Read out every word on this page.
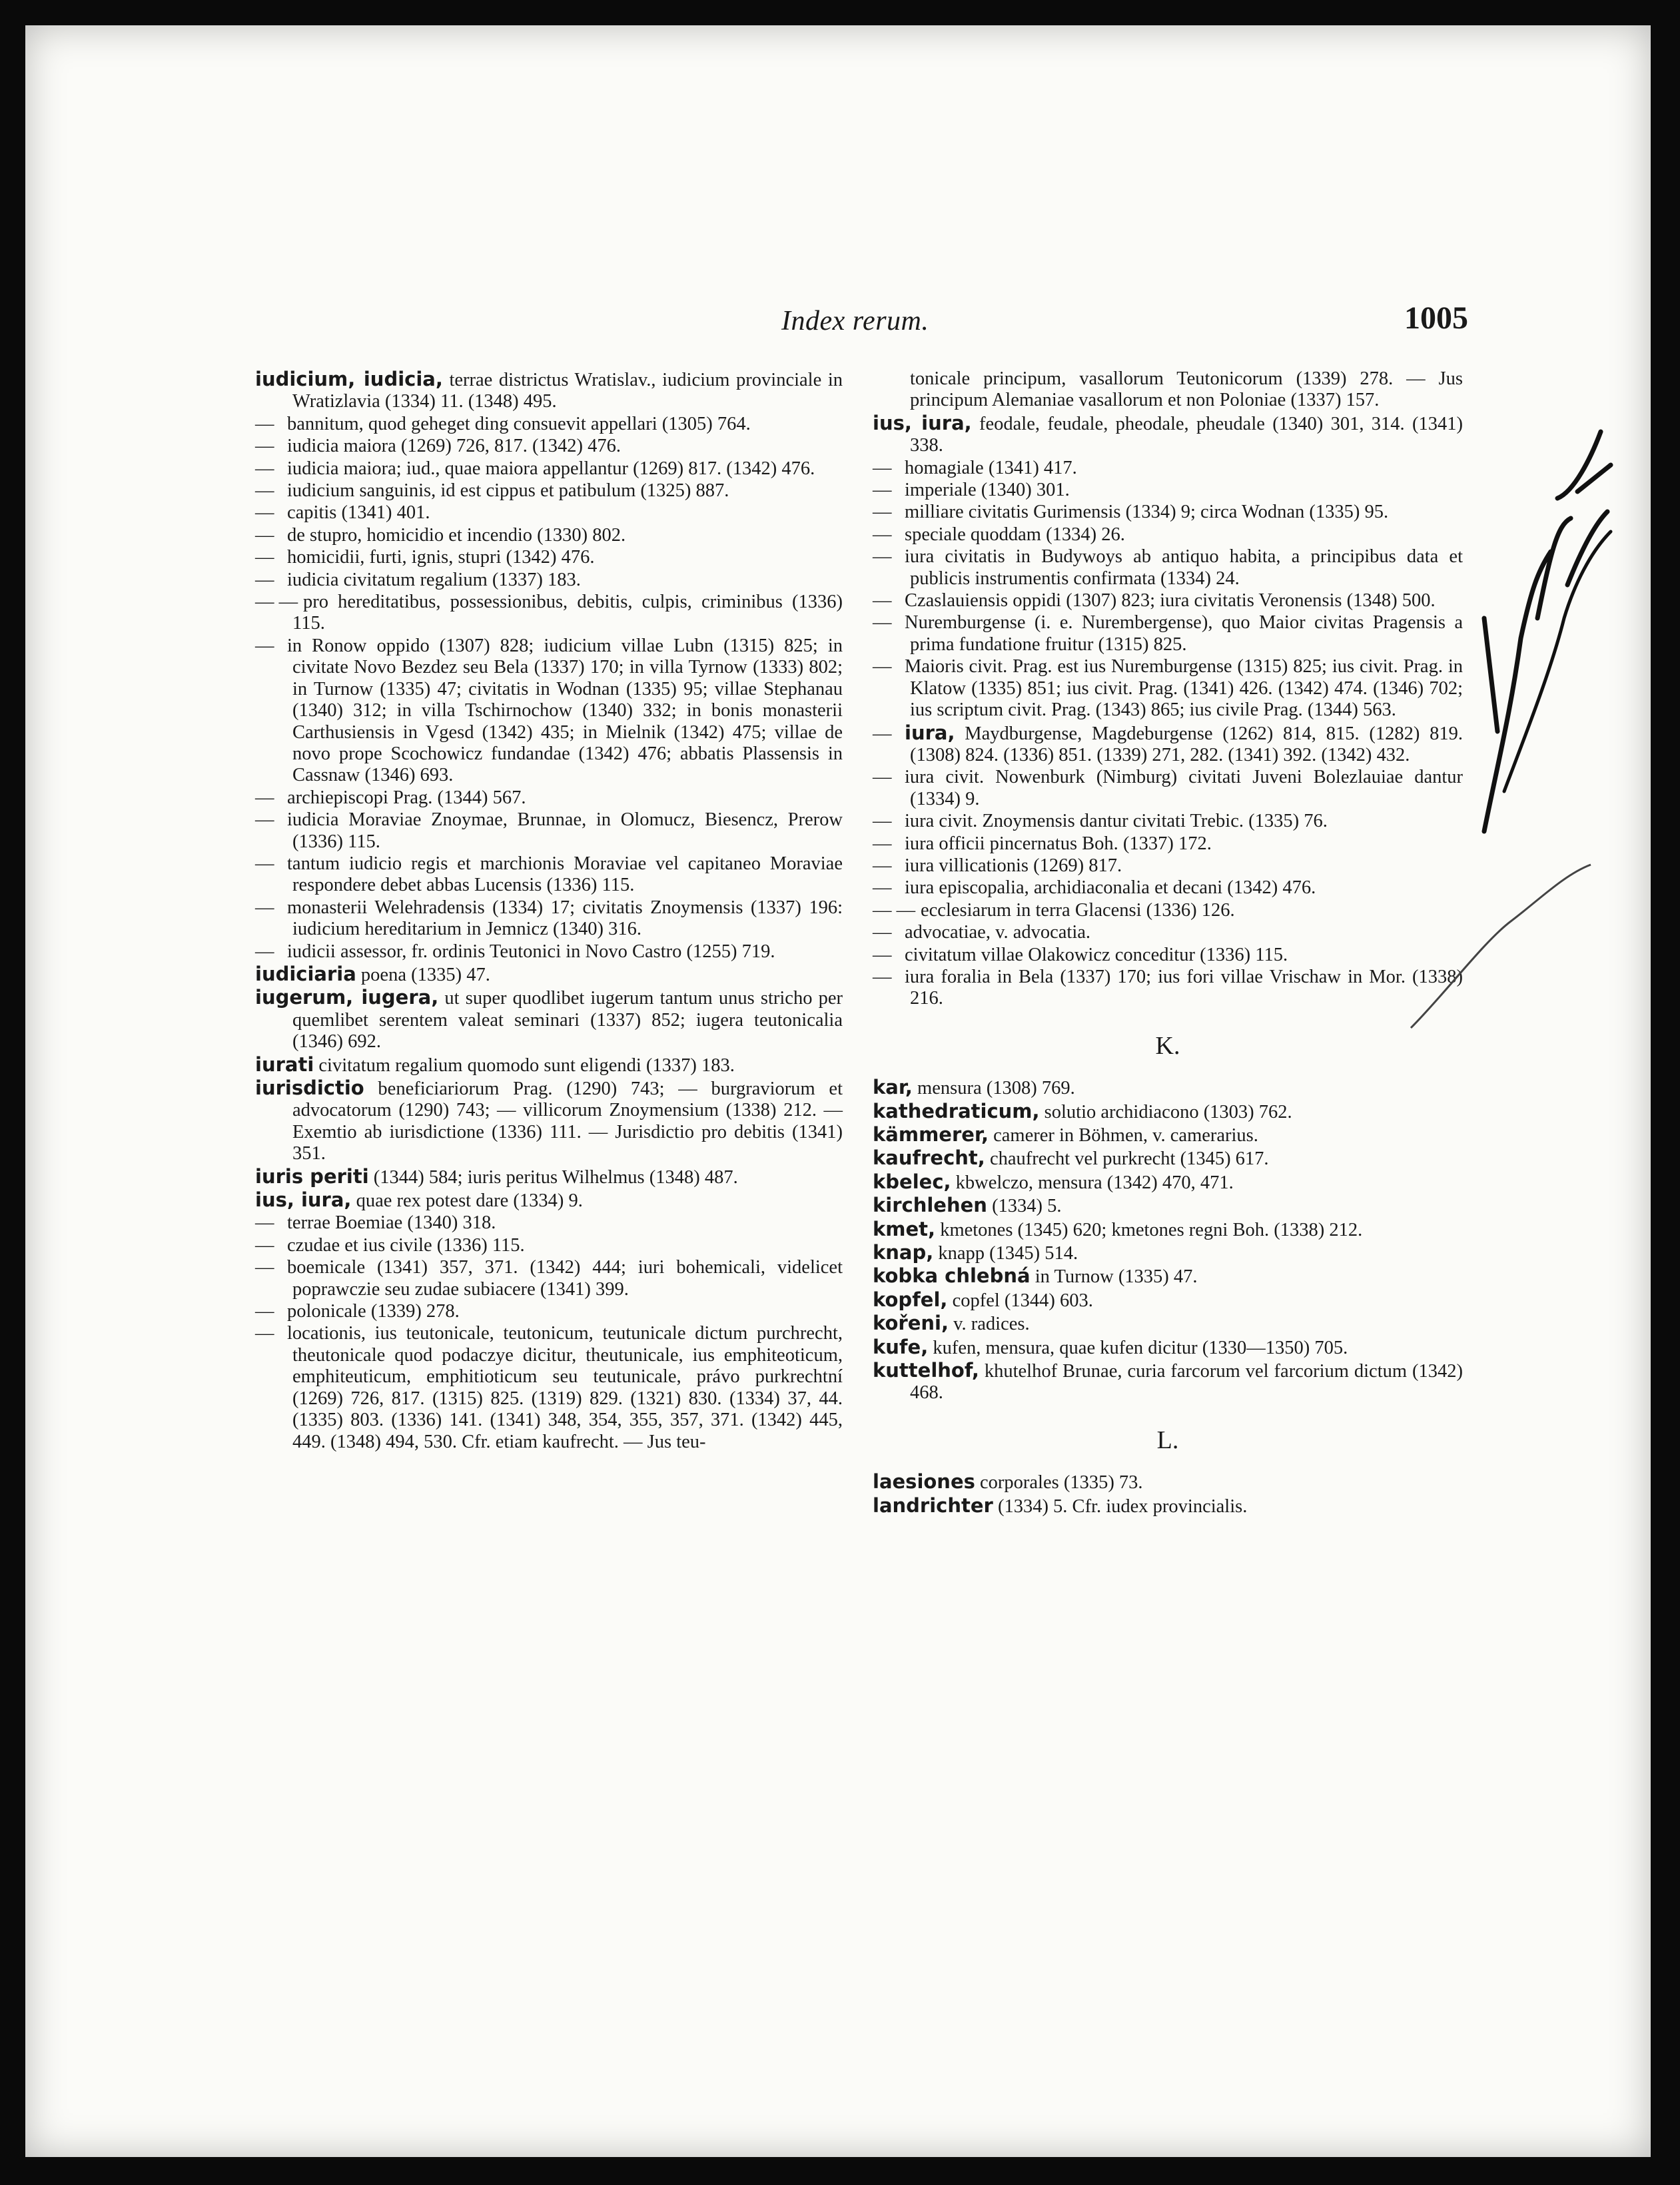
Index rerum.	1005
iudicium, iudicia, terrae districtus Wratislav., iudicium provinciale in Wratizlavia (1334) 11. (1348) 495.
— bannitum, quod geheget ding consuevit appellari (1305) 764.
— iudicia maiora (1269) 726, 817. (1342) 476.
— iudicia maiora; iud., quae maiora appellantur (1269) 817. (1342) 476.
— iudicium sanguinis, id est cippus et patibulum (1325) 887.
— capitis (1341) 401.
— de stupro, homicidio et incendio (1330) 802.
— homicidii, furti, ignis, stupri (1342) 476.
— iudicia civitatum regalium (1337) 183.
— — pro hereditatibus, possessionibus, debitis, culpis, criminibus (1336) 115.
— in Ronow oppido (1307) 828; iudicium villae Lubn (1315) 825; in civitate Novo Bezdez seu Bela (1337) 170; in villa Tyrnow (1333) 802; in Turnow (1335) 47; civitatis in Wodnan (1335) 95; villae Stephanau (1340) 312; in villa Tschirnochow (1340) 332; in bonis monasterii Carthusiensis in Vgesd (1342) 435; in Mielnik (1342) 475; villae de novo prope Scochowicz fundandae (1342) 476; abbatis Plassensis in Cassnaw (1346) 693.
— archiepiscopi Prag. (1344) 567.
— iudicia Moraviae Znoymae, Brunnae, in Olomucz, Biesencz, Prerow (1336) 115.
— tantum iudicio regis et marchionis Moraviae vel capitaneo Moraviae respondere debet abbas Lucensis (1336) 115.
— monasterii Welehradensis (1334) 17; civitatis Znoymensis (1337) 196: iudicium hereditarium in Jemnicz (1340) 316.
— iudicii assessor, fr. ordinis Teutonici in Novo Castro (1255) 719.
iudiciaria poena (1335) 47.
iugerum, iugera, ut super quodlibet iugerum tantum unus stricho per quemlibet serentem valeat seminari (1337) 852; iugera teutonicalia (1346) 692.
iurati civitatum regalium quomodo sunt eligendi (1337) 183.
iurisdictio beneficiariorum Prag. (1290) 743; — burgraviorum et advocatorum (1290) 743; — villicorum Znoymensium (1338) 212. — Exemtio ab iurisdictione (1336) 111. — Jurisdictio pro debitis (1341) 351.
iuris periti (1344) 584; iuris peritus Wilhelmus (1348) 487.
ius, iura, quae rex potest dare (1334) 9.
— terrae Boemiae (1340) 318.
— czudae et ius civile (1336) 115.
— boemicale (1341) 357, 371. (1342) 444; iuri bohemicali, videlicet poprawczie seu zudae subiacere (1341) 399.
— polonicale (1339) 278.
— locationis, ius teutonicale, teutonicum, teutunicale dictum purchrecht, theutonicale quod podaczye dicitur, theutunicale, ius emphiteoticum, emphiteuticum, emphitioticum seu teutunicale, právo purkrechtní (1269) 726, 817. (1315) 825. (1319) 829. (1321) 830. (1334) 37, 44. (1335) 803. (1336) 141. (1341) 348, 354, 355, 357, 371. (1342) 445, 449. (1348) 494, 530. Cfr. etiam kaufrecht. — Jus teu-
tonicale principum, vasallorum Teutonicorum (1339) 278. — Jus principum Alemaniae vasallorum et non Poloniae (1337) 157.
ius, iura, feodale, feudale, pheodale, pheudale (1340) 301, 314. (1341) 338.
— homagiale (1341) 417.
— imperiale (1340) 301.
— milliare civitatis Gurimensis (1334) 9; circa Wodnan (1335) 95.
— speciale quoddam (1334) 26.
— iura civitatis in Budywoys ab antiquo habita, a principibus data et publicis instrumentis confirmata (1334) 24.
— Czaslauiensis oppidi (1307) 823; iura civitatis Veronensis (1348) 500.
— Nuremburgense (i. e. Nurembergense), quo Maior civitas Pragensis a prima fundatione fruitur (1315) 825.
— Maioris civit. Prag. est ius Nuremburgense (1315) 825; ius civit. Prag. in Klatow (1335) 851; ius civit. Prag. (1341) 426. (1342) 474. (1346) 702; ius scriptum civit. Prag. (1343) 865; ius civile Prag. (1344) 563.
— iura, Maydburgense, Magdeburgense (1262) 814, 815. (1282) 819. (1308) 824. (1336) 851. (1339) 271, 282. (1341) 392. (1342) 432.
— iura civit. Nowenburk (Nimburg) civitati Juveni Bolezlauiae dantur (1334) 9.
— iura civit. Znoymensis dantur civitati Trebic. (1335) 76.
— iura officii pincernatus Boh. (1337) 172.
— iura villicationis (1269) 817.
— iura episcopalia, archidiaconalia et decani (1342) 476.
— — ecclesiarum in terra Glacensi (1336) 126.
— advocatiae, v. advocatia.
— civitatum villae Olakowicz conceditur (1336) 115.
— iura foralia in Bela (1337) 170; ius fori villae Vrischaw in Mor. (1338) 216.
K.
kar, mensura (1308) 769.
kathedraticum, solutio archidiacono (1303) 762.
kämmerer, camerer in Böhmen, v. camerarius.
kaufrecht, chaufrecht vel purkrecht (1345) 617.
kbelec, kbwelczo, mensura (1342) 470, 471.
kirchlehen (1334) 5.
kmet, kmetones (1345) 620; kmetones regni Boh. (1338) 212.
knap, knapp (1345) 514.
kobka chlebná in Turnow (1335) 47.
kopfel, copfel (1344) 603.
kořeni, v. radices.
kufe, kufen, mensura, quae kufen dicitur (1330—1350) 705.
kuttelhof, khutelhof Brunae, curia farcorum vel farcorium dictum (1342) 468.
L.
laesiones corporales (1335) 73.
landrichter (1334) 5. Cfr. iudex provincialis.
